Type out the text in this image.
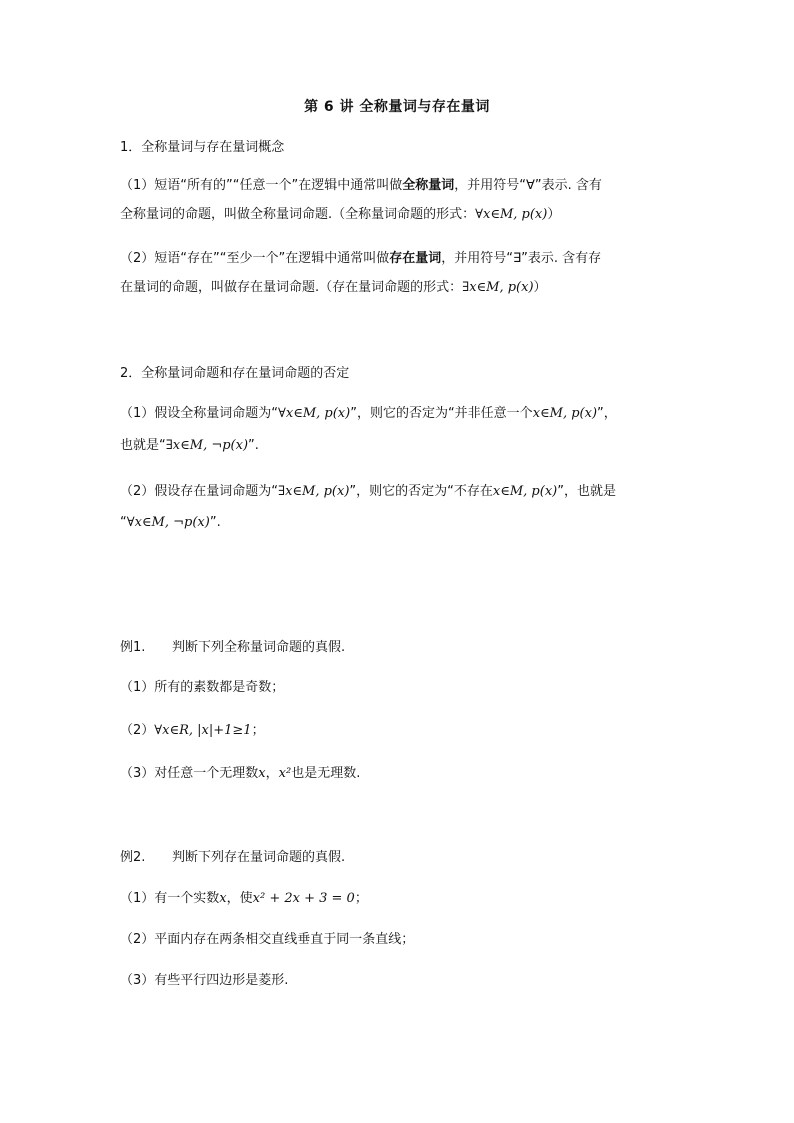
第 6 讲 全称量词与存在量词
1．全称量词与存在量词概念
（1）短语“所有的”“任意一个”在逻辑中通常叫做全称量词，并用符号“∀”表示. 含有
全称量词的命题，叫做全称量词命题.（全称量词命题的形式：∀x∈M, p(x)）
（2）短语“存在”“至少一个”在逻辑中通常叫做存在量词，并用符号“∃”表示. 含有存
在量词的命题，叫做存在量词命题.（存在量词命题的形式：∃x∈M, p(x)）
2．全称量词命题和存在量词命题的否定
（1）假设全称量词命题为“∀x∈M, p(x)”，则它的否定为“并非任意一个x∈M, p(x)”，
也就是“∃x∈M, ¬p(x)”.
（2）假设存在量词命题为“∃x∈M, p(x)”，则它的否定为“不存在x∈M, p(x)”，也就是
“∀x∈M, ¬p(x)”.
例1. 判断下列全称量词命题的真假.
（1）所有的素数都是奇数；
（2）∀x∈R, |x|+1≥1；
（3）对任意一个无理数x，x²也是无理数.
例2. 判断下列存在量词命题的真假.
（1）有一个实数x，使x² + 2x + 3 = 0；
（2）平面内存在两条相交直线垂直于同一条直线；
（3）有些平行四边形是菱形.
